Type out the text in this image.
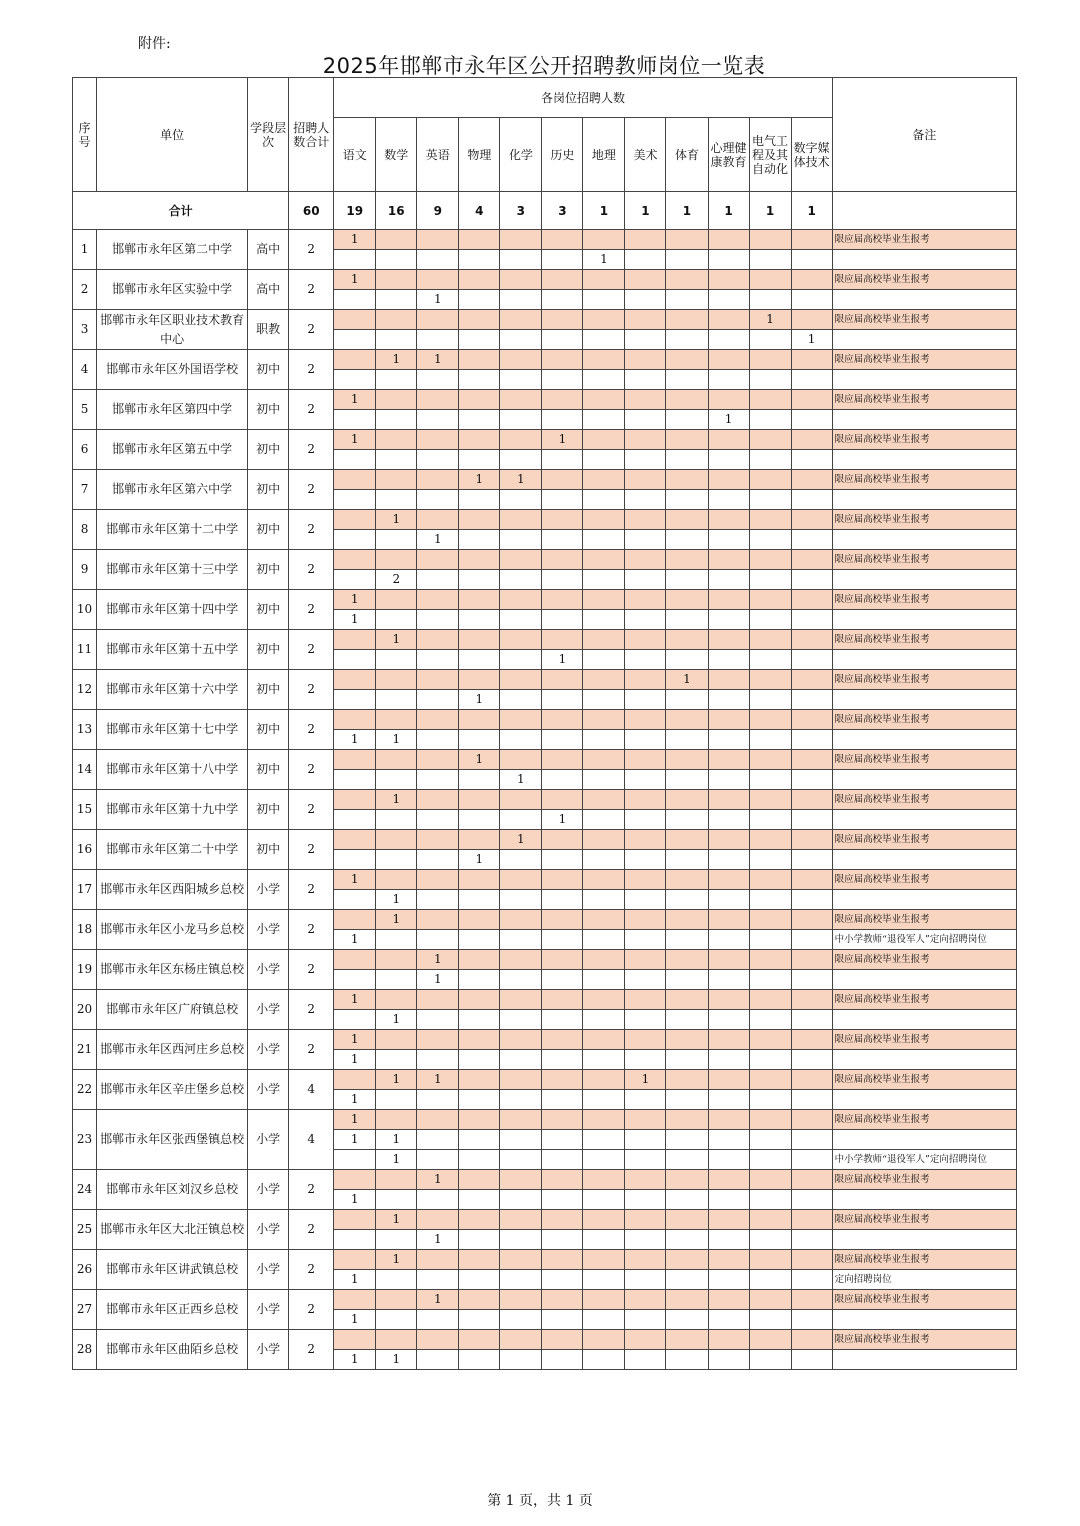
附件:
2025年邯郸市永年区公开招聘教师岗位一览表
序号	单位	学段层次	招聘人数合计	各岗位招聘人数												备注
				语文	数学	英语	物理	化学	历史	地理	美术	体育	心理健康教育	电气工程及其自动化	数字媒体技术	
合计			60	19	16	9	4	3	3	1	1	1	1	1	1	
1	邯郸市永年区第二中学	高中	2	1												限应届高校毕业生报考
										1						
2	邯郸市永年区实验中学	高中	2	1												限应届高校毕业生报考
						1										
3	邯郸市永年区职业技术教育中心	职教	2											1		限应届高校毕业生报考
															1	
4	邯郸市永年区外国语学校	初中	2		1	1										限应届高校毕业生报考

5	邯郸市永年区第四中学	初中	2	1												限应届高校毕业生报考
													1			
6	邯郸市永年区第五中学	初中	2	1					1							限应届高校毕业生报考

7	邯郸市永年区第六中学	初中	2				1	1								限应届高校毕业生报考

8	邯郸市永年区第十二中学	初中	2		1											限应届高校毕业生报考
						1										
9	邯郸市永年区第十三中学	初中	2													限应届高校毕业生报考
					2											
10	邯郸市永年区第十四中学	初中	2	1												限应届高校毕业生报考
				1												
11	邯郸市永年区第十五中学	初中	2		1											限应届高校毕业生报考
									1							
12	邯郸市永年区第十六中学	初中	2									1				限应届高校毕业生报考
							1									
13	邯郸市永年区第十七中学	初中	2													限应届高校毕业生报考
				1	1											
14	邯郸市永年区第十八中学	初中	2				1									限应届高校毕业生报考
								1								
15	邯郸市永年区第十九中学	初中	2		1											限应届高校毕业生报考
									1							
16	邯郸市永年区第二十中学	初中	2					1								限应届高校毕业生报考
							1									
17	邯郸市永年区西阳城乡总校	小学	2	1												限应届高校毕业生报考
					1											
18	邯郸市永年区小龙马乡总校	小学	2		1											限应届高校毕业生报考
				1												中小学教师“退役军人”定向招聘岗位
19	邯郸市永年区东杨庄镇总校	小学	2			1										限应届高校毕业生报考
						1										
20	邯郸市永年区广府镇总校	小学	2	1												限应届高校毕业生报考
					1											
21	邯郸市永年区西河庄乡总校	小学	2	1												限应届高校毕业生报考
				1												
22	邯郸市永年区辛庄堡乡总校	小学	4		1	1					1					限应届高校毕业生报考
				1												
23	邯郸市永年区张西堡镇总校	小学	4	1												限应届高校毕业生报考
				1	1											
					1											中小学教师“退役军人”定向招聘岗位
24	邯郸市永年区刘汉乡总校	小学	2			1										限应届高校毕业生报考
				1												
25	邯郸市永年区大北汪镇总校	小学	2		1											限应届高校毕业生报考
						1										
26	邯郸市永年区讲武镇总校	小学	2		1											限应届高校毕业生报考
				1												定向招聘岗位
27	邯郸市永年区正西乡总校	小学	2			1										限应届高校毕业生报考
				1												
28	邯郸市永年区曲陌乡总校	小学	2													限应届高校毕业生报考
				1	1											
第 1 页，共 1 页
